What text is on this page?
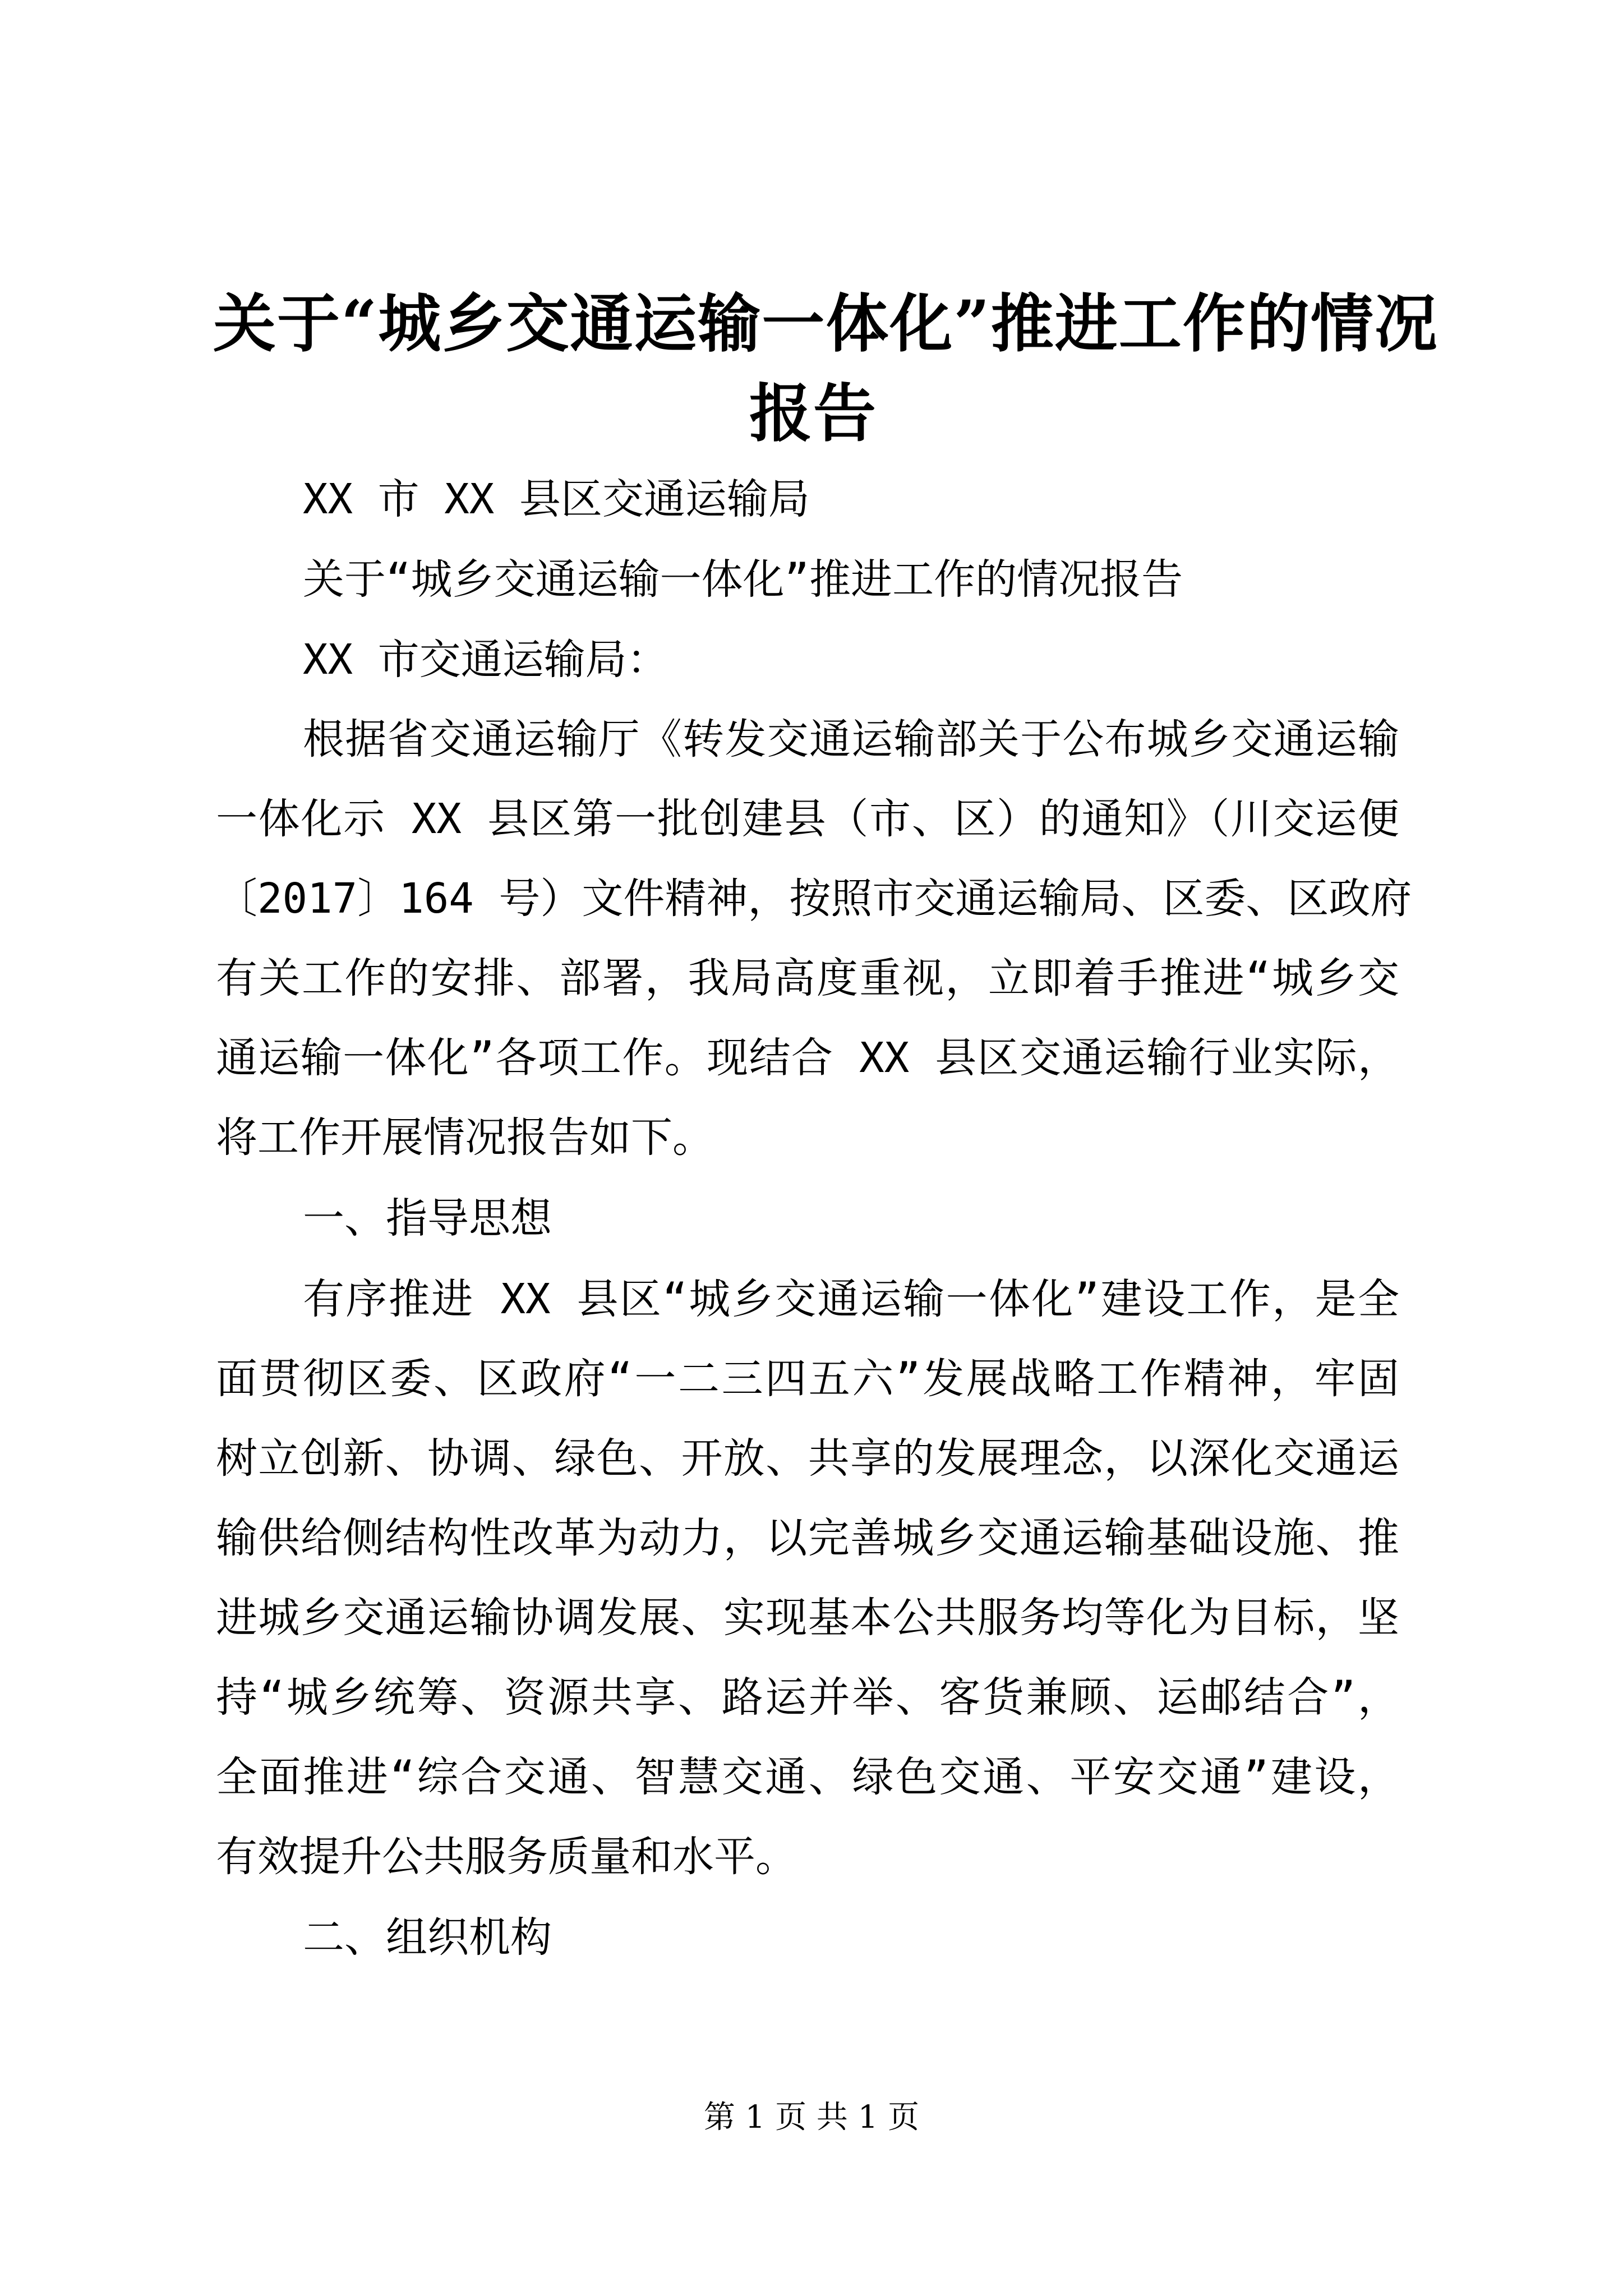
关于“城乡交通运输一体化”推进工作的情况
报告
XX 市 XX 县区交通运输局
关于“城乡交通运输一体化”推进工作的情况报告
XX 市交通运输局：
根据省交通运输厅《转发交通运输部关于公布城乡交通运输
一体化示 XX 县区第一批创建县（市、区）的通知》（川交运便
〔2017〕164 号）文件精神，按照市交通运输局、区委、区政府
有关工作的安排、部署，我局高度重视，立即着手推进“城乡交
通运输一体化”各项工作。现结合 XX 县区交通运输行业实际，
将工作开展情况报告如下。
一、指导思想
有序推进 XX 县区“城乡交通运输一体化”建设工作，是全
面贯彻区委、区政府“一二三四五六”发展战略工作精神，牢固
树立创新、协调、绿色、开放、共享的发展理念，以深化交通运
输供给侧结构性改革为动力，以完善城乡交通运输基础设施、推
进城乡交通运输协调发展、实现基本公共服务均等化为目标，坚
持“城乡统筹、资源共享、路运并举、客货兼顾、运邮结合”，
全面推进“综合交通、智慧交通、绿色交通、平安交通”建设，
有效提升公共服务质量和水平。
二、组织机构
第 1 页 共 1 页
